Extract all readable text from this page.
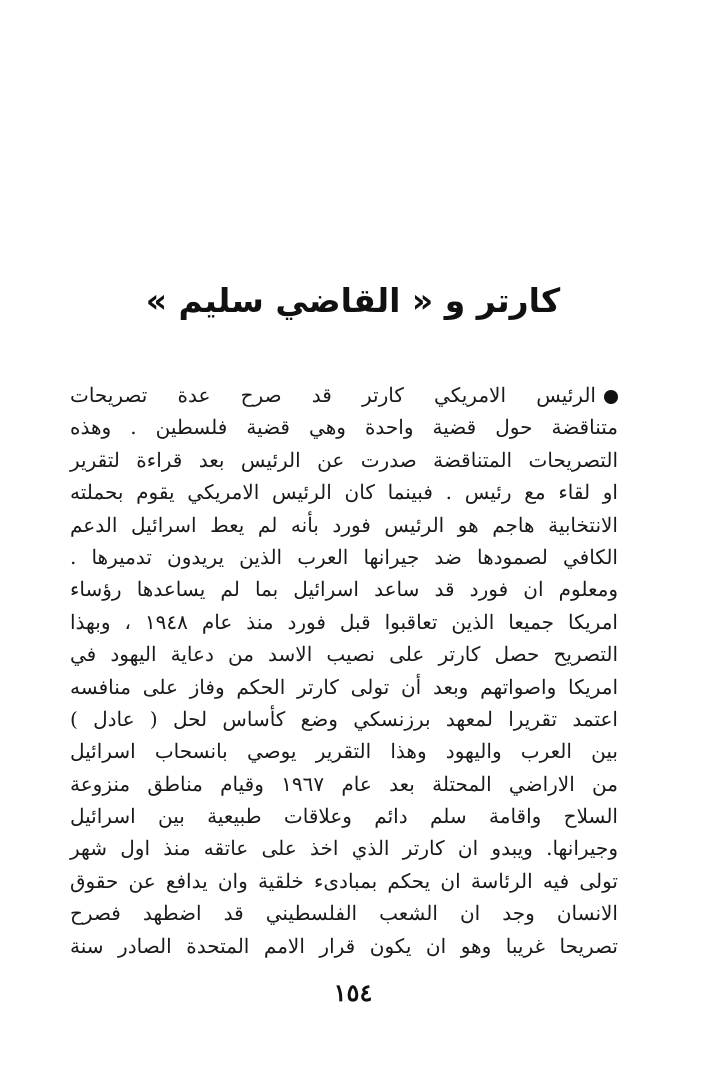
كارتر و « القاضي سليم »
الرئيس الامريكي كارتر قد صرح عدة تصريحات
متناقضة حول قضية واحدة وهي قضية فلسطين . وهذه
التصريحات المتناقضة صدرت عن الرئيس بعد قراءة لتقرير
او لقاء مع رئيس . فبينما كان الرئيس الامريكي يقوم بحملته
الانتخابية هاجم هو الرئيس فورد بأنه لم يعط اسرائيل الدعم
الكافي لصمودها ضد جيرانها العرب الذين يريدون تدميرها .
ومعلوم ان فورد قد ساعد اسرائيل بما لم يساعدها رؤساء
امريكا جميعا الذين تعاقبوا قبل فورد منذ عام ١٩٤٨ ، وبهذا
التصريح حصل كارتر على نصيب الاسد من دعاية اليهود في
امريكا واصواتهم وبعد أن تولى كارتر الحكم وفاز على منافسه
اعتمد تقريرا لمعهد برزنسكي وضع كأساس لحل ( عادل )
بين العرب واليهود وهذا التقرير يوصي بانسحاب اسرائيل
من الاراضي المحتلة بعد عام ١٩٦٧ وقيام مناطق منزوعة
السلاح واقامة سلم دائم وعلاقات طبيعية بين اسرائيل
وجيرانها. ويبدو ان كارتر الذي اخذ على عاتقه منذ اول شهر
تولى فيه الرئاسة ان يحكم بمبادىء خلقية وان يدافع عن حقوق
الانسان وجد ان الشعب الفلسطيني قد اضطهد فصرح
تصريحا غريبا وهو ان يكون قرار الامم المتحدة الصادر سنة
١٥٤
